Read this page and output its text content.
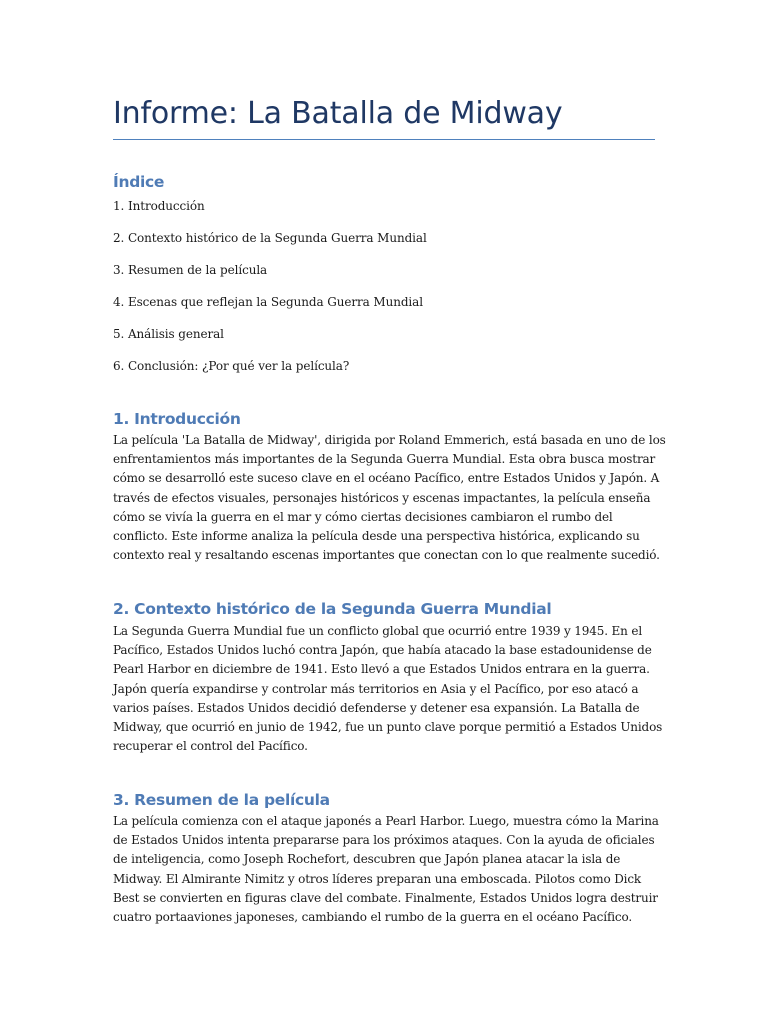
Informe: La Batalla de Midway
Índice

1. Introducción

2. Contexto histórico de la Segunda Guerra Mundial

3. Resumen de la película

4. Escenas que reflejan la Segunda Guerra Mundial

5. Análisis general

6. Conclusión: ¿Por qué ver la película?

1. Introducción
La película 'La Batalla de Midway', dirigida por Roland Emmerich, está basada en uno de los
enfrentamientos más importantes de la Segunda Guerra Mundial. Esta obra busca mostrar
cómo se desarrolló este suceso clave en el océano Pacífico, entre Estados Unidos y Japón. A
través de efectos visuales, personajes históricos y escenas impactantes, la película enseña
cómo se vivía la guerra en el mar y cómo ciertas decisiones cambiaron el rumbo del
conflicto. Este informe analiza la película desde una perspectiva histórica, explicando su
contexto real y resaltando escenas importantes que conectan con lo que realmente sucedió.
2. Contexto histórico de la Segunda Guerra Mundial
La Segunda Guerra Mundial fue un conflicto global que ocurrió entre 1939 y 1945. En el
Pacífico, Estados Unidos luchó contra Japón, que había atacado la base estadounidense de
Pearl Harbor en diciembre de 1941. Esto llevó a que Estados Unidos entrara en la guerra.
Japón quería expandirse y controlar más territorios en Asia y el Pacífico, por eso atacó a
varios países. Estados Unidos decidió defenderse y detener esa expansión. La Batalla de
Midway, que ocurrió en junio de 1942, fue un punto clave porque permitió a Estados Unidos
recuperar el control del Pacífico.
3. Resumen de la película
La película comienza con el ataque japonés a Pearl Harbor. Luego, muestra cómo la Marina
de Estados Unidos intenta prepararse para los próximos ataques. Con la ayuda de oficiales
de inteligencia, como Joseph Rochefort, descubren que Japón planea atacar la isla de
Midway. El Almirante Nimitz y otros líderes preparan una emboscada. Pilotos como Dick
Best se convierten en figuras clave del combate. Finalmente, Estados Unidos logra destruir
cuatro portaaviones japoneses, cambiando el rumbo de la guerra en el océano Pacífico.
